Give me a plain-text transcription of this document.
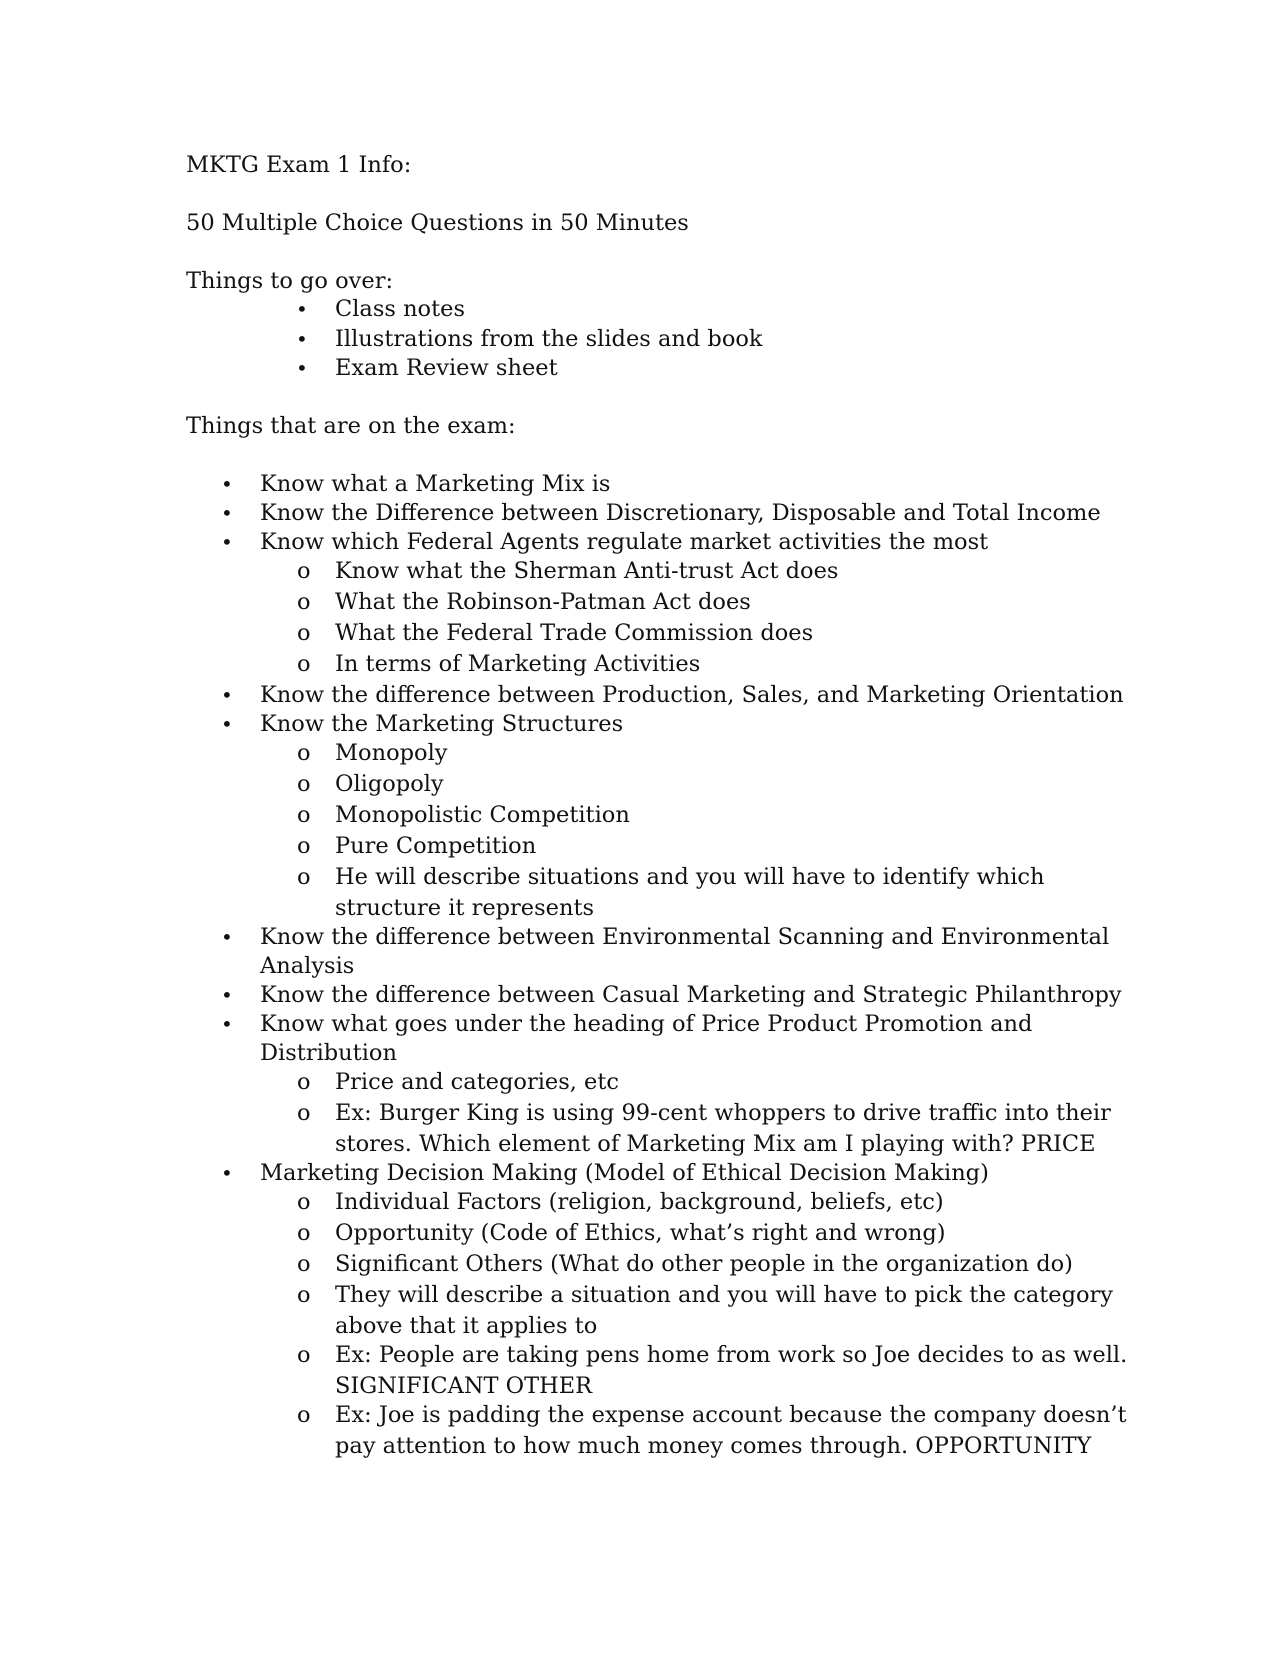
MKTG Exam 1 Info:
50 Multiple Choice Questions in 50 Minutes
Things to go over:
• Class notes
• Illustrations from the slides and book
• Exam Review sheet
Things that are on the exam:
• Know what a Marketing Mix is
• Know the Difference between Discretionary, Disposable and Total Income
• Know which Federal Agents regulate market activities the most
o Know what the Sherman Anti-trust Act does
o What the Robinson-Patman Act does
o What the Federal Trade Commission does
o In terms of Marketing Activities
• Know the difference between Production, Sales, and Marketing Orientation
• Know the Marketing Structures
o Monopoly
o Oligopoly
o Monopolistic Competition
o Pure Competition
o He will describe situations and you will have to identify which
structure it represents
• Know the difference between Environmental Scanning and Environmental
Analysis
• Know the difference between Casual Marketing and Strategic Philanthropy
• Know what goes under the heading of Price Product Promotion and
Distribution
o Price and categories, etc
o Ex: Burger King is using 99-cent whoppers to drive traffic into their
stores. Which element of Marketing Mix am I playing with? PRICE
• Marketing Decision Making (Model of Ethical Decision Making)
o Individual Factors (religion, background, beliefs, etc)
o Opportunity (Code of Ethics, what’s right and wrong)
o Significant Others (What do other people in the organization do)
o They will describe a situation and you will have to pick the category
above that it applies to
o Ex: People are taking pens home from work so Joe decides to as well.
SIGNIFICANT OTHER
o Ex: Joe is padding the expense account because the company doesn’t
pay attention to how much money comes through. OPPORTUNITY
